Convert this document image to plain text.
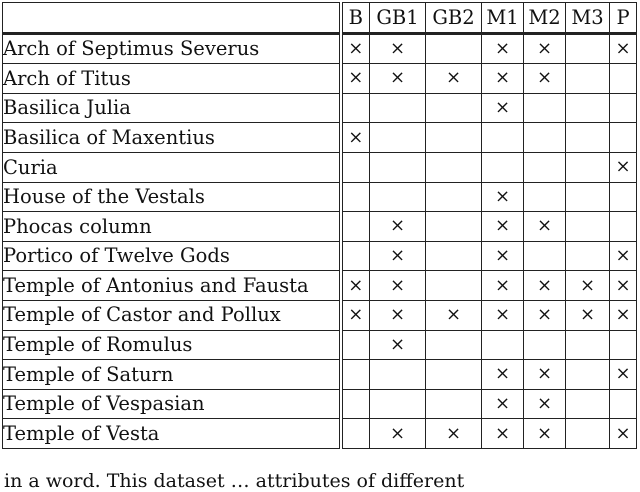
	B	GB1	GB2	M1	M2	M3	P
Arch of Septimus Severus	×	×		×	×		×
Arch of Titus	×	×	×	×	×		
Basilica Julia				×			
Basilica of Maxentius	×						
Curia							×
House of the Vestals				×			
Phocas column		×		×	×		
Portico of Twelve Gods		×		×			×
Temple of Antonius and Fausta	×	×		×	×	×	×
Temple of Castor and Pollux	×	×	×	×	×	×	×
Temple of Romulus		×					
Temple of Saturn				×	×		×
Temple of Vespasian				×	×		
Temple of Vesta		×	×	×	×		×
in a word. This dataset … attributes of different
